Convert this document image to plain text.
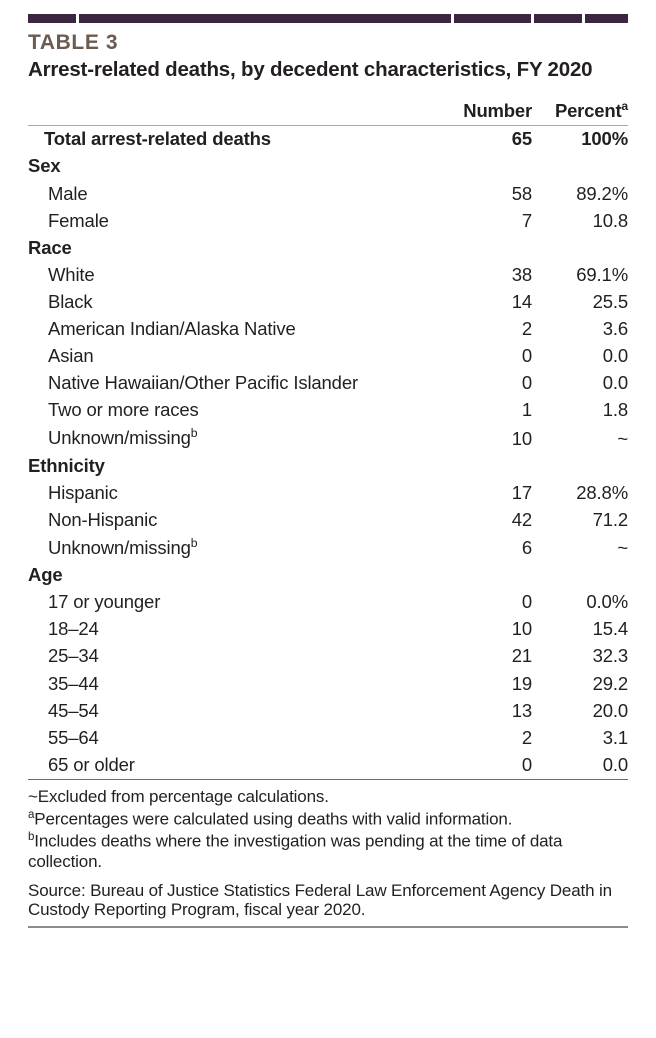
TABLE 3
Arrest-related deaths, by decedent characteristics, FY 2020
	Number	Percent$^a$
Total arrest-related deaths	65	100%
Sex		
Male	58	89.2%
Female	7	10.8
Race		
White	38	69.1%
Black	14	25.5
American Indian/Alaska Native	2	3.6
Asian	0	0.0
Native Hawaiian/Other Pacific Islander	0	0.0
Two or more races	1	1.8
Unknown/missing$^b$	10	~
Ethnicity		
Hispanic	17	28.8%
Non-Hispanic	42	71.2
Unknown/missing$^b$	6	~
Age		
17 or younger	0	0.0%
18–24	10	15.4
25–34	21	32.3
35–44	19	29.2
45–54	13	20.0
55–64	2	3.1
65 or older	0	0.0
~Excluded from percentage calculations.
$^a$Percentages were calculated using deaths with valid information.
$^b$Includes deaths where the investigation was pending at the time of data collection.
Source: Bureau of Justice Statistics Federal Law Enforcement Agency Death in Custody Reporting Program, fiscal year 2020.
